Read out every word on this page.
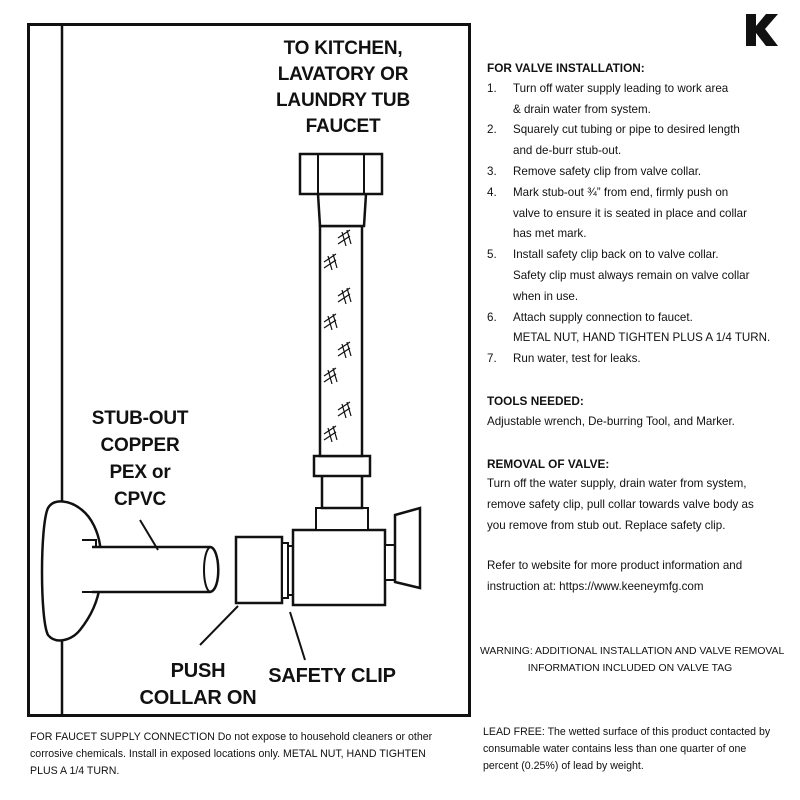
TO KITCHEN,
LAVATORY OR
LAUNDRY TUB
FAUCET
STUB-OUT
COPPER
PEX or
CPVC
PUSH
COLLAR ON
SAFETY CLIP
FOR VALVE INSTALLATION:
1. Turn off water supply leading to work area
& drain water from system.
2. Squarely cut tubing or pipe to desired length
and de-burr stub-out.
3. Remove safety clip from valve collar.
4. Mark stub-out ¾” from end, firmly push on
valve to ensure it is seated in place and collar
has met mark.
5. Install safety clip back on to valve collar.
Safety clip must always remain on valve collar
when in use.
6. Attach supply connection to faucet.
METAL NUT, HAND TIGHTEN PLUS A 1/4 TURN.
7. Run water, test for leaks.
TOOLS NEEDED:
Adjustable wrench, De-burring Tool, and Marker.
REMOVAL OF VALVE:
Turn off the water supply, drain water from system,
remove safety clip, pull collar towards valve body as
you remove from stub out. Replace safety clip.
Refer to website for more product information and
instruction at: https://www.keeneymfg.com
WARNING: ADDITIONAL INSTALLATION AND VALVE REMOVAL
INFORMATION INCLUDED ON VALVE TAG
FOR FAUCET SUPPLY CONNECTION Do not expose to household cleaners or other
corrosive chemicals. Install in exposed locations only. METAL NUT, HAND TIGHTEN
PLUS A 1/4 TURN.
LEAD FREE: The wetted surface of this product contacted by
consumable water contains less than one quarter of one
percent (0.25%) of lead by weight.
